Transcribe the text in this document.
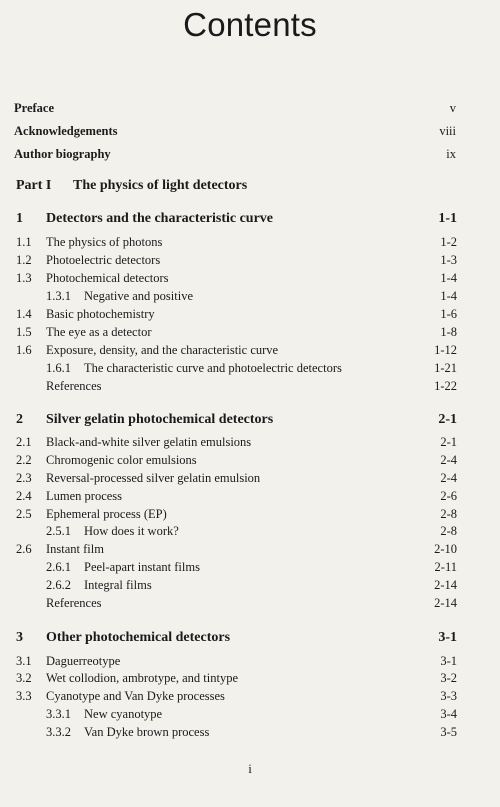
Contents
Preface	v
Acknowledgements	viii
Author biography	ix
Part I The physics of light detectors
1 Detectors and the characteristic curve	1-1
1.1 The physics of photons	1-2
1.2 Photoelectric detectors	1-3
1.3 Photochemical detectors	1-4
1.3.1 Negative and positive	1-4
1.4 Basic photochemistry	1-6
1.5 The eye as a detector	1-8
1.6 Exposure, density, and the characteristic curve	1-12
1.6.1 The characteristic curve and photoelectric detectors	1-21
References	1-22
2 Silver gelatin photochemical detectors	2-1
2.1 Black-and-white silver gelatin emulsions	2-1
2.2 Chromogenic color emulsions	2-4
2.3 Reversal-processed silver gelatin emulsion	2-4
2.4 Lumen process	2-6
2.5 Ephemeral process (EP)	2-8
2.5.1 How does it work?	2-8
2.6 Instant film	2-10
2.6.1 Peel-apart instant films	2-11
2.6.2 Integral films	2-14
References	2-14
3 Other photochemical detectors	3-1
3.1 Daguerreotype	3-1
3.2 Wet collodion, ambrotype, and tintype	3-2
3.3 Cyanotype and Van Dyke processes	3-3
3.3.1 New cyanotype	3-4
3.3.2 Van Dyke brown process	3-5
i
